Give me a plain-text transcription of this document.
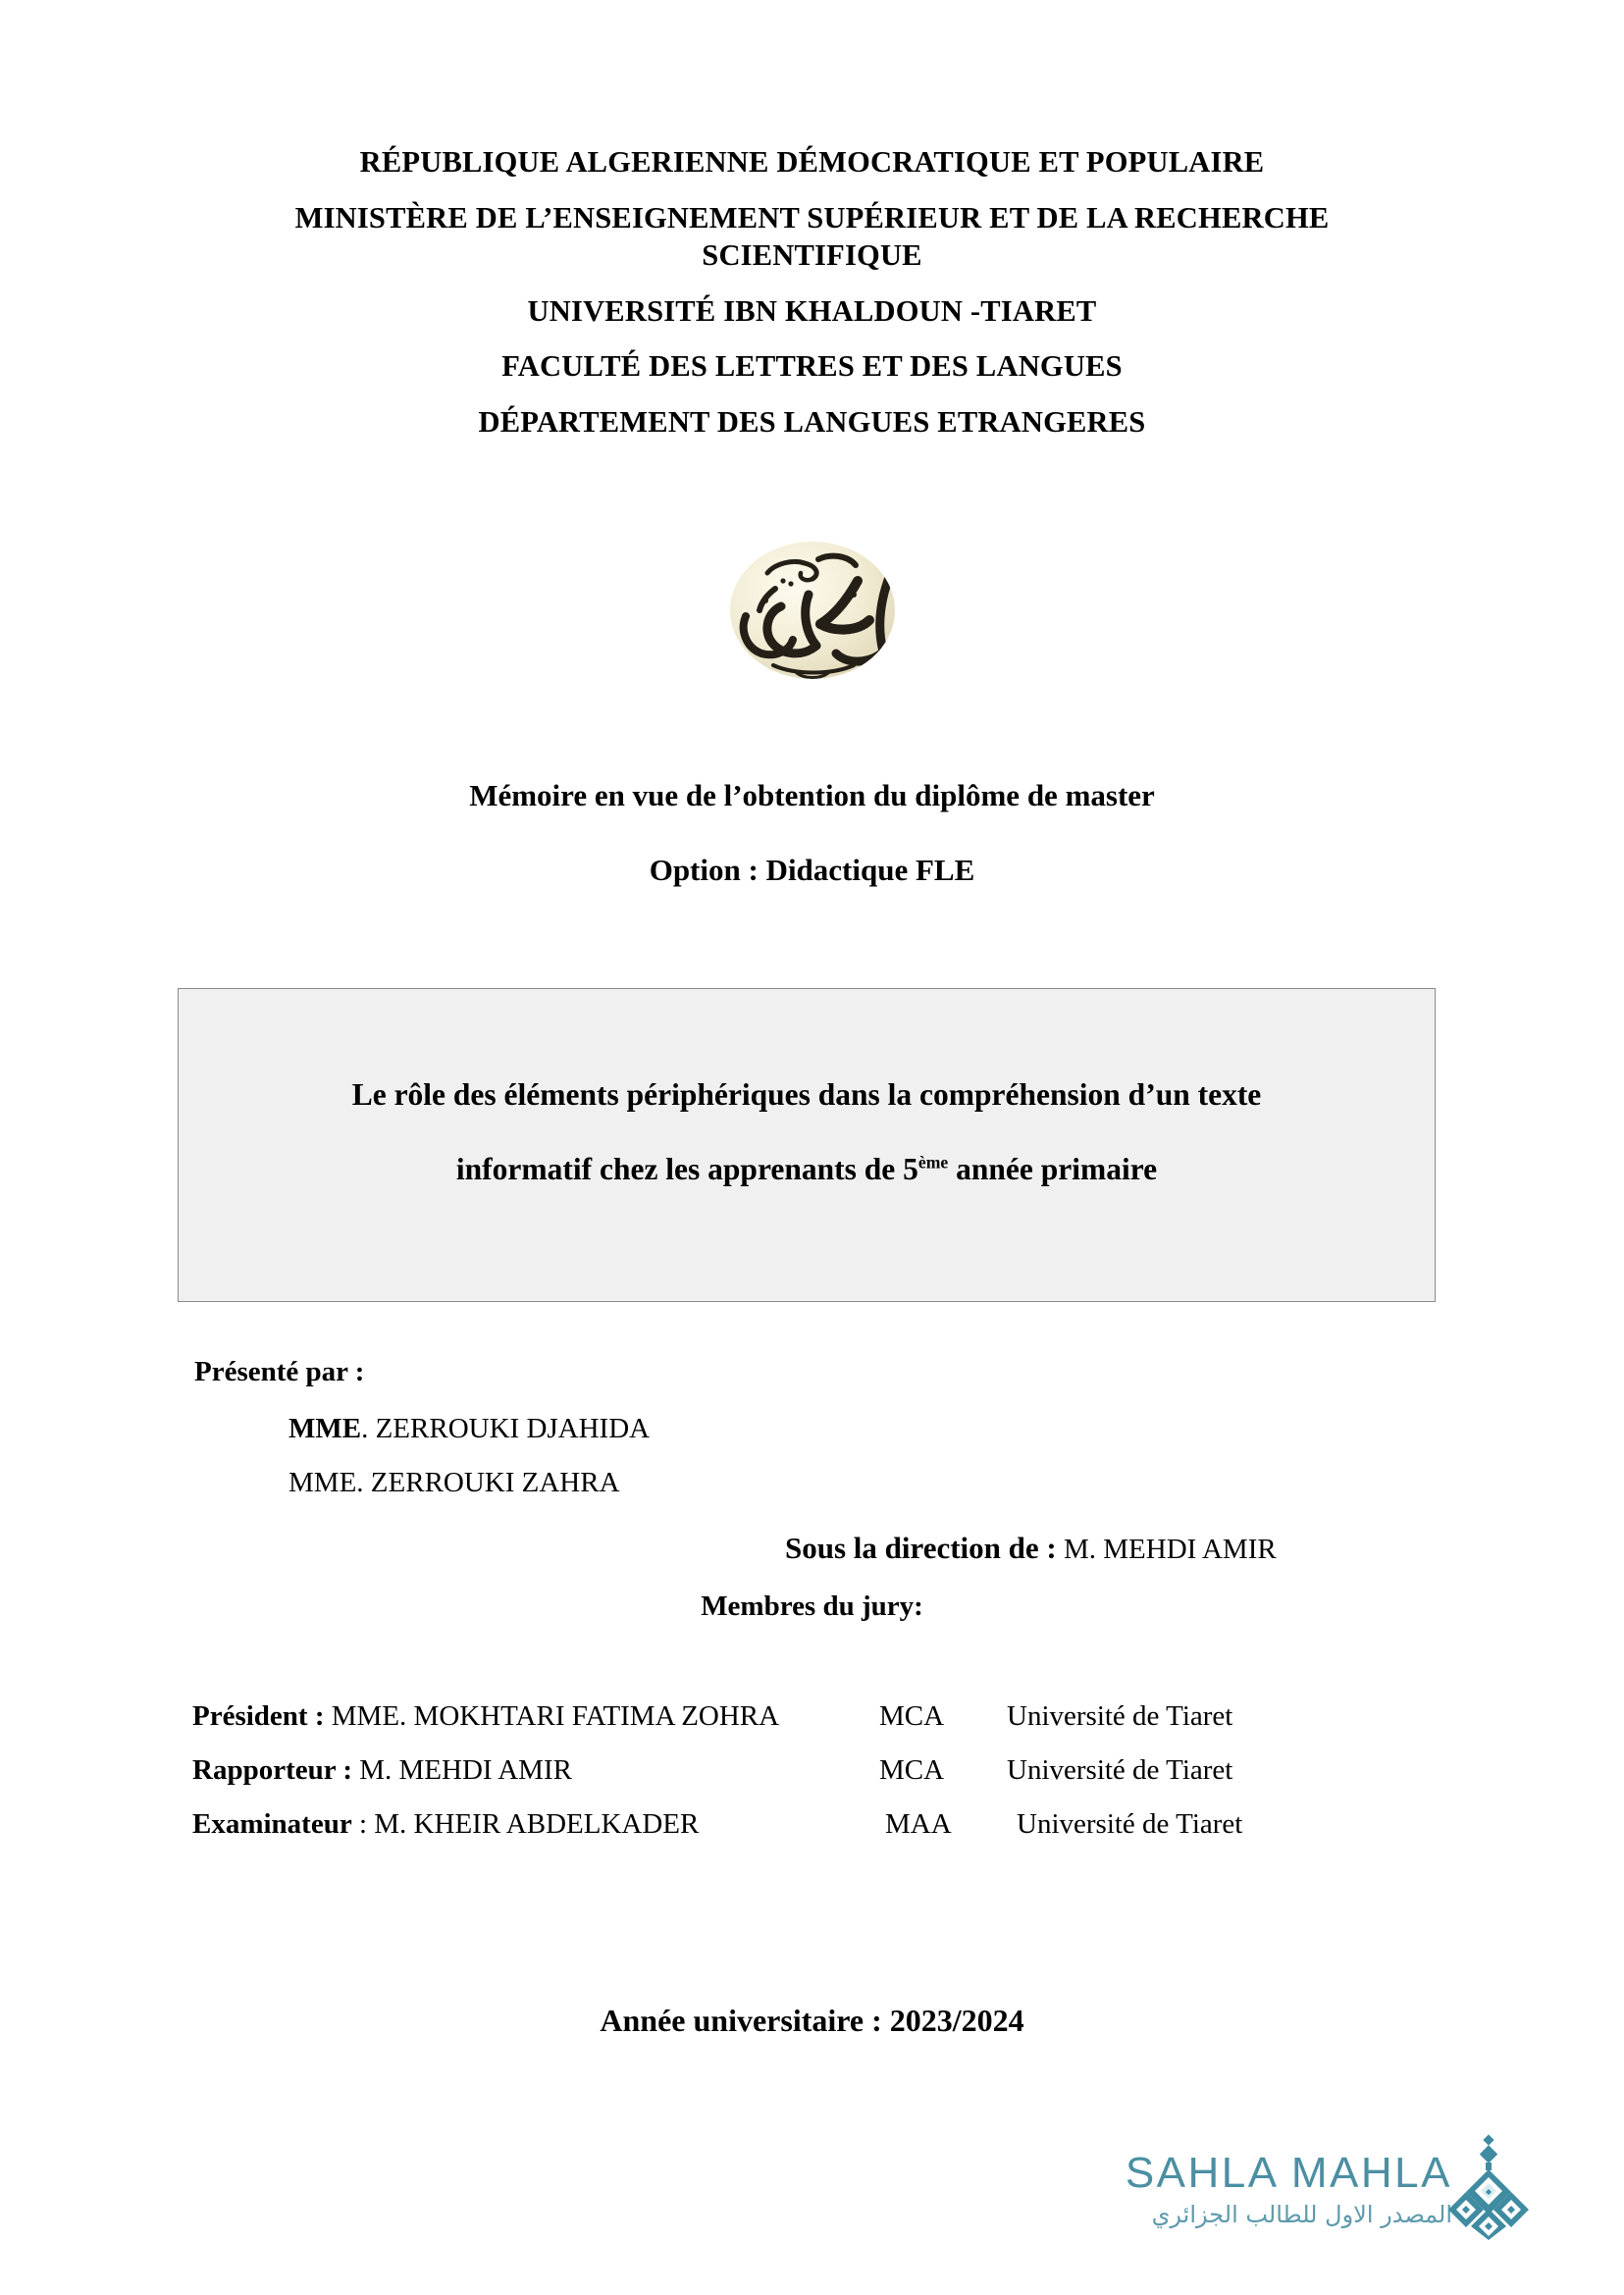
RÉPUBLIQUE ALGERIENNE DÉMOCRATIQUE ET POPULAIRE
MINISTÈRE DE L’ENSEIGNEMENT SUPÉRIEUR ET DE LA RECHERCHE
SCIENTIFIQUE
UNIVERSITÉ IBN KHALDOUN -TIARET
FACULTÉ DES LETTRES ET DES LANGUES
DÉPARTEMENT DES LANGUES ETRANGERES
Mémoire en vue de l’obtention du diplôme de master
Option : Didactique FLE
Le rôle des éléments périphériques dans la compréhension d’un texte
informatif chez les apprenants de 5ème année primaire
Présenté par :
MME. ZERROUKI DJAHIDA
MME. ZERROUKI ZAHRA
Sous la direction de : M. MEHDI AMIR
Membres du jury:
Président : MME. MOKHTARI FATIMA ZOHRA	MCA Université de Tiaret
Rapporteur : M. MEHDI AMIR	MCA Université de Tiaret
Examinateur : M. KHEIR ABDELKADER	MAA Université de Tiaret
Année universitaire : 2023/2024
SAHLA MAHLA
المصدر الاول للطالب الجزائري
